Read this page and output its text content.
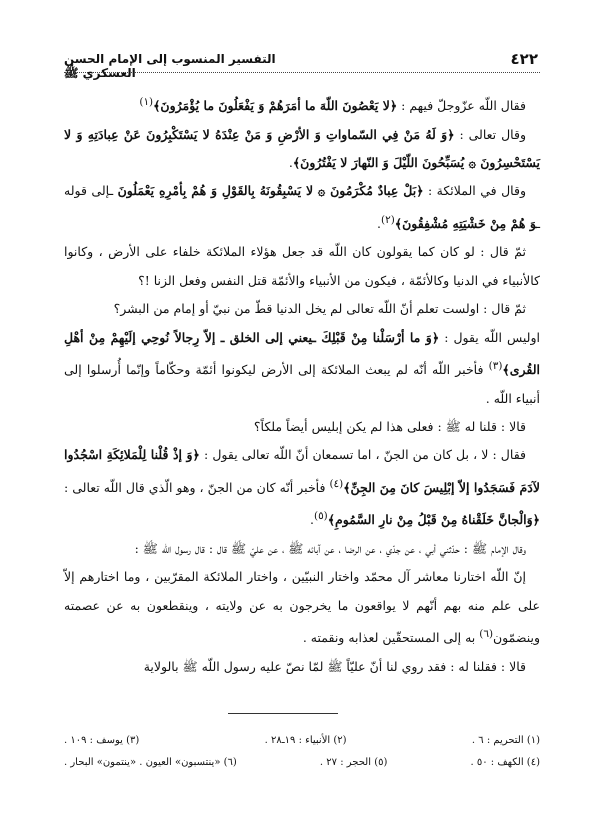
٤٢٢
التفسير المنسوب إلى الإمام الحسن العسكري ﷺ

فقال اللّه عزّوجلّ فيهم : ﴿لا يَعْصُونَ اللّهَ ما أمَرَهُمْ وَ يَفْعَلُونَ ما يُؤْمَرُونَ﴾$^{(١)}$

وقال تعالى : ﴿وَ لَهُ مَنْ فِي السّماواتِ وَ الأرْضِ وَ مَنْ عِنْدَهُ لا يَسْتَكْبِرُونَ عَنْ عِبادَتِهِ وَ لا يَسْتَحْسِرُونَ ۞ يُسَبِّحُونَ اللّيْلَ وَ النّهارَ لا يَفْتُرُونَ﴾.

وقال في الملائكة : ﴿بَلْ عِبادٌ مُكْرَمُونَ ۞ لا يَسْبِقُونَهُ بِالقَوْلِ وَ هُمْ بِأمْرِهِ يَعْمَلُونَ ـإلى قوله ـوَ هُمْ مِنْ خَشْيَتِهِ مُشْفِقُونَ﴾$^{(٢)}$.

ثمّ قال : لو كان كما يقولون كان اللّه قد جعل هؤلاء الملائكة خلفاء على الأرض ، وكانوا كالأنبياء في الدنيا وكالأئمّة ، فيكون من الأنبياء والأئمّة قتل النفس وفعل الزنا !؟

ثمّ قال : اولست تعلم أنّ اللّه تعالى لم يخل الدنيا قطّ من نبيّ أو إمام من البشر؟

اوليس اللّه يقول : ﴿وَ ما أرْسَلْنا مِنْ قَبْلِكَ ـيعني إلى الخلق ـ إلاّ رِجالاً نُوحِي إلَيْهِمْ مِنْ أهْلِ القُرى﴾$^{(٣)}$ فأخبر اللّه أنّه لم يبعث الملائكة إلى الأرض ليكونوا أئمّة وحكّاماً وإنّما أُرسلوا إلى أنبياء اللّه .

قالا : قلنا له ﷺ : فعلى هذا لم يكن إبليس أيضاً ملكاً؟

فقال : لا ، بل كان من الجنّ ، اما تسمعان أنّ اللّه تعالى يقول : ﴿وَ إذْ قُلْنا لِلْمَلائِكَةِ اسْجُدُوا لآدَمَ فَسَجَدُوا إلاّ إبْلِيسَ كانَ مِنَ الجِنِّ﴾$^{(٤)}$ فأخبر أنّه كان من الجنّ ، وهو الّذي قال اللّه تعالى : ﴿وَالْجانَّ خَلَقْناهُ مِنْ قَبْلُ مِنْ نارِ السَّمُومِ﴾$^{(٥)}$.

وقال الإمام ﷺ : حدّثني أبي ، عن جدّي ، عن الرضا ، عن آبائه ﷺ ، عن عليّ ﷺ قال : قال رسول اللّه ﷺ :

إنّ اللّه اختارنا معاشر آل محمّد واختار النبيّين ، واختار الملائكة المقرّبين ، وما اختارهم إلاّ على علم منه بهم أنّهم لا يواقعون ما يخرجون به عن ولايته ، وينقطعون به عن عصمته وينضمّون$^{(٦)}$ به إلى المستحقّين لعذابه ونقمته .

قالا : فقلنا له : فقد روي لنا أنّ عليّاً ﷺ لمّا نصّ عليه رسول اللّه ﷺ بالولاية

(١) التحريم : ٦ .
(٢) الأنبياء : ١٩ـ٢٨ .
(٣) يوسف : ١٠٩ .
(٤) الكهف : ٥٠ .
(٥) الحجر : ٢٧ .
(٦) «ينتسبون» العيون . «ينتمون» البحار .
